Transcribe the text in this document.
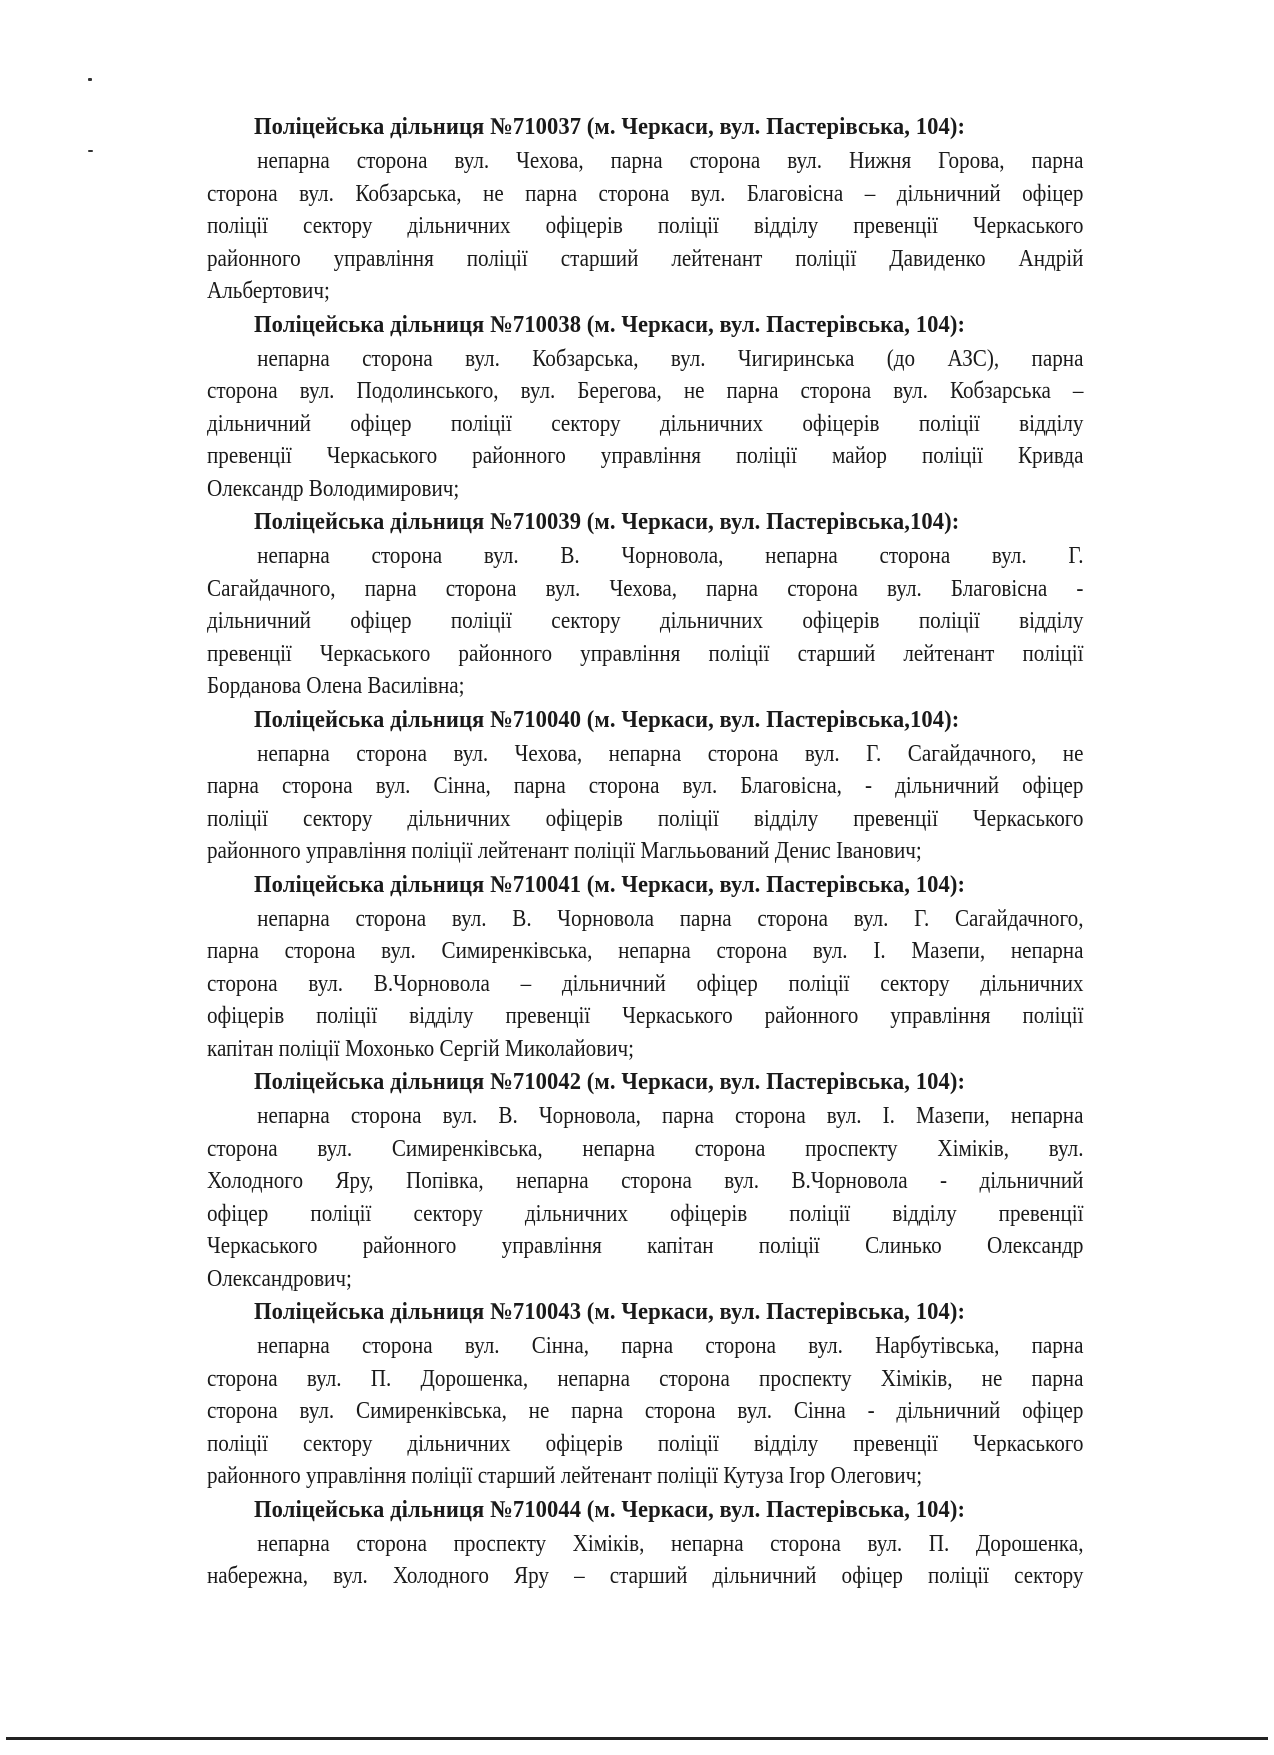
Поліцейська дільниця №710037 (м. Черкаси, вул. Пастерівська, 104):
непарна сторона вул. Чехова, парна сторона вул. Нижня Горова, парна
сторона вул. Кобзарська, не парна сторона вул. Благовісна – дільничний офіцер
поліції сектору дільничних офіцерів поліції відділу превенції Черкаського
районного управління поліції старший лейтенант поліції Давиденко Андрій
Альбертович;
Поліцейська дільниця №710038 (м. Черкаси, вул. Пастерівська, 104):
непарна сторона вул. Кобзарська, вул. Чигиринська (до АЗС), парна
сторона вул. Подолинського, вул. Берегова, не парна сторона вул. Кобзарська –
дільничний офіцер поліції сектору дільничних офіцерів поліції відділу
превенції Черкаського районного управління поліції майор поліції Кривда
Олександр Володимирович;
Поліцейська дільниця №710039 (м. Черкаси, вул. Пастерівська,104):
непарна сторона вул. В. Чорновола, непарна сторона вул. Г.
Сагайдачного, парна сторона вул. Чехова, парна сторона вул. Благовісна -
дільничний офіцер поліції сектору дільничних офіцерів поліції відділу
превенції Черкаського районного управління поліції старший лейтенант поліції
Борданова Олена Василівна;
Поліцейська дільниця №710040 (м. Черкаси, вул. Пастерівська,104):
непарна сторона вул. Чехова, непарна сторона вул. Г. Сагайдачного, не
парна сторона вул. Сінна, парна сторона вул. Благовісна, - дільничний офіцер
поліції сектору дільничних офіцерів поліції відділу превенції Черкаського
районного управління поліції лейтенант поліції Маглььований Денис Іванович;
Поліцейська дільниця №710041 (м. Черкаси, вул. Пастерівська, 104):
непарна сторона вул. В. Чорновола парна сторона вул. Г. Сагайдачного,
парна сторона вул. Симиренківська, непарна сторона вул. І. Мазепи, непарна
сторона вул. В.Чорновола – дільничний офіцер поліції сектору дільничних
офіцерів поліції відділу превенції Черкаського районного управління поліції
капітан поліції Мохонько Сергій Миколайович;
Поліцейська дільниця №710042 (м. Черкаси, вул. Пастерівська, 104):
непарна сторона вул. В. Чорновола, парна сторона вул. І. Мазепи, непарна
сторона вул. Симиренківська, непарна сторона проспекту Хіміків, вул.
Холодного Яру, Попівка, непарна сторона вул. В.Чорновола - дільничний
офіцер поліції сектору дільничних офіцерів поліції відділу превенції
Черкаського районного управління капітан поліції Слинько Олександр
Олександрович;
Поліцейська дільниця №710043 (м. Черкаси, вул. Пастерівська, 104):
непарна сторона вул. Сінна, парна сторона вул. Нарбутівська, парна
сторона вул. П. Дорошенка, непарна сторона проспекту Хіміків, не парна
сторона вул. Симиренківська, не парна сторона вул. Сінна - дільничний офіцер
поліції сектору дільничних офіцерів поліції відділу превенції Черкаського
районного управління поліції старший лейтенант поліції Кутуза Ігор Олегович;
Поліцейська дільниця №710044 (м. Черкаси, вул. Пастерівська, 104):
непарна сторона проспекту Хіміків, непарна сторона вул. П. Дорошенка,
набережна, вул. Холодного Яру – старший дільничний офіцер поліції сектору
